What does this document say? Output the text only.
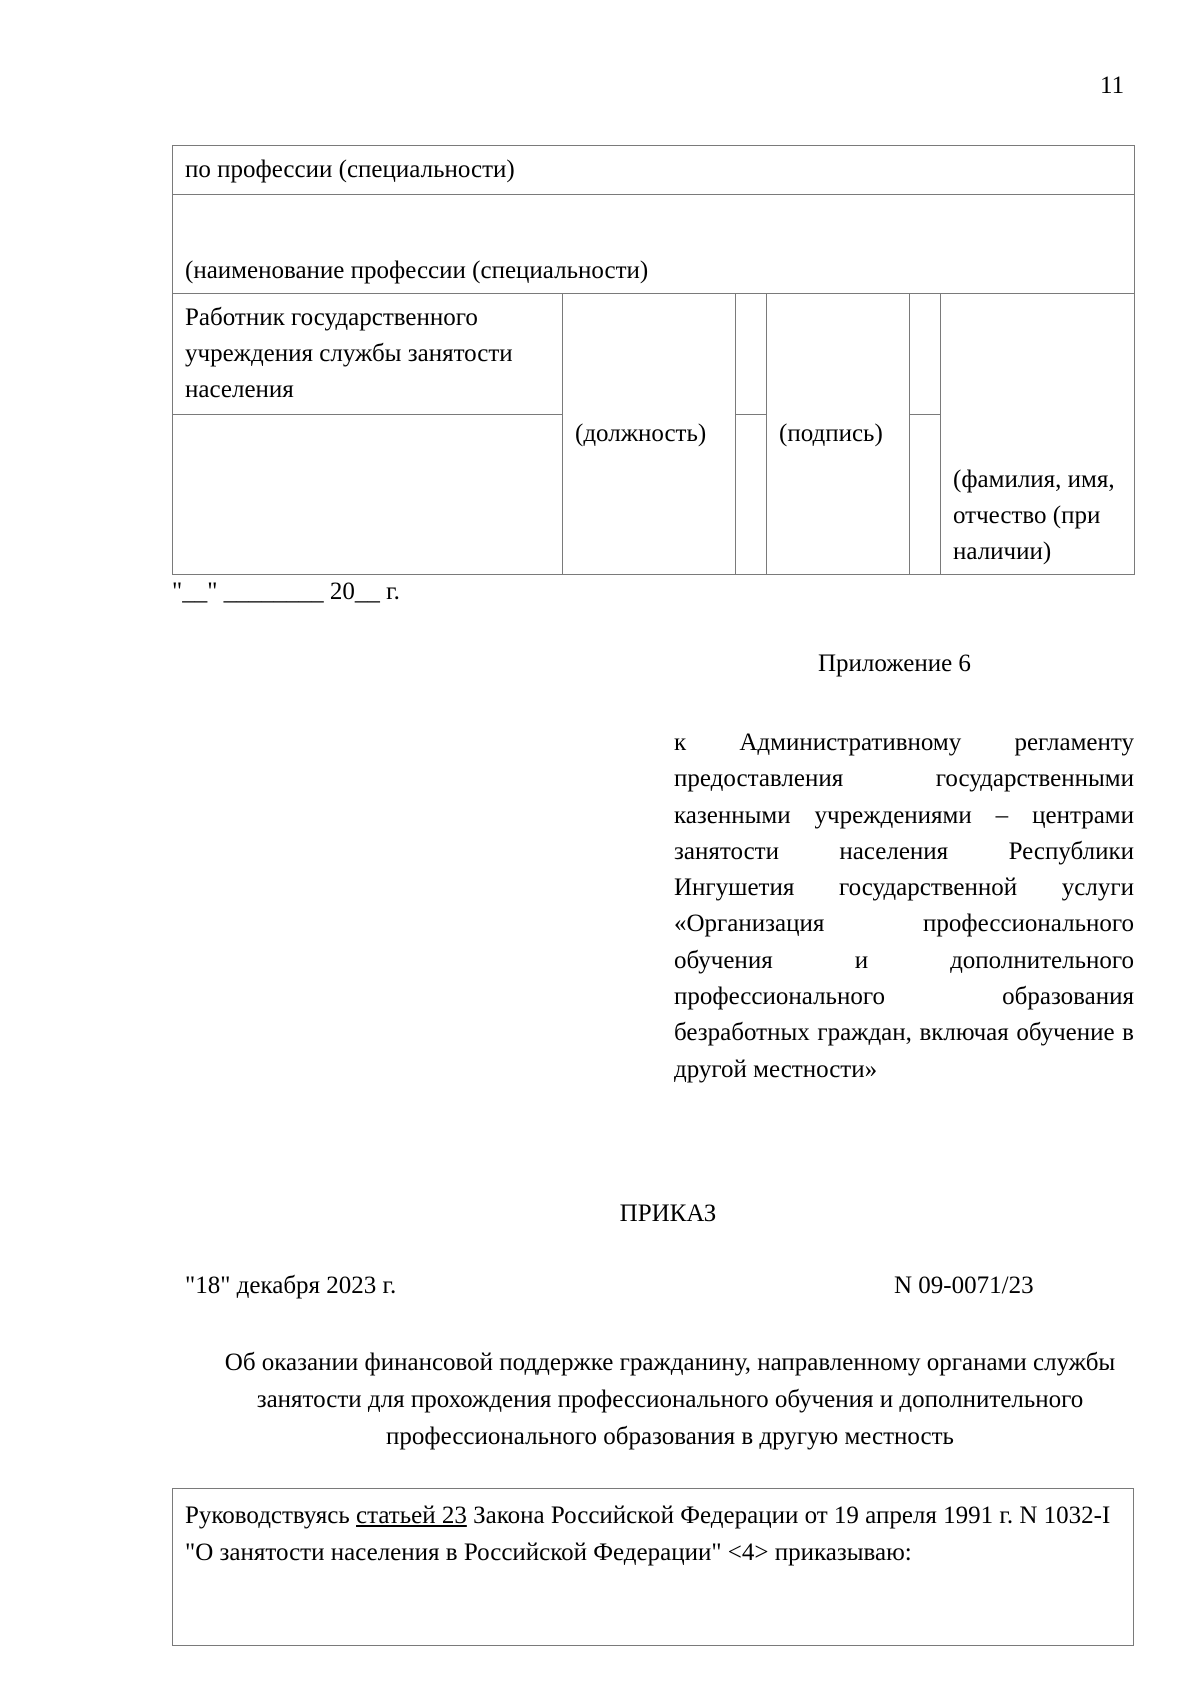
11
по профессии (специальности)					
(наименование профессии (специальности)					
Работник государственного учреждения службы занятости населения	(должность)		(подпись)		(фамилия, имя, отчество (при наличии)

"__" ________ 20__ г.
Приложение 6
к Административному регламенту предоставления государственными казенными учреждениями – центрами занятости населения Республики Ингушетия государственной услуги «Организация профессионального обучения и дополнительного профессионального образования безработных граждан, включая обучение в другой местности»
ПРИКАЗ
"18" декабря 2023 г.	N 09-0071/23
Об оказании финансовой поддержке гражданину, направленному органами службы занятости для прохождения профессионального обучения и дополнительного профессионального образования в другую местность
Руководствуясь статьей 23 Закона Российской Федерации от 19 апреля 1991 г. N 1032-I "О занятости населения в Российской Федерации" <4> приказываю:
